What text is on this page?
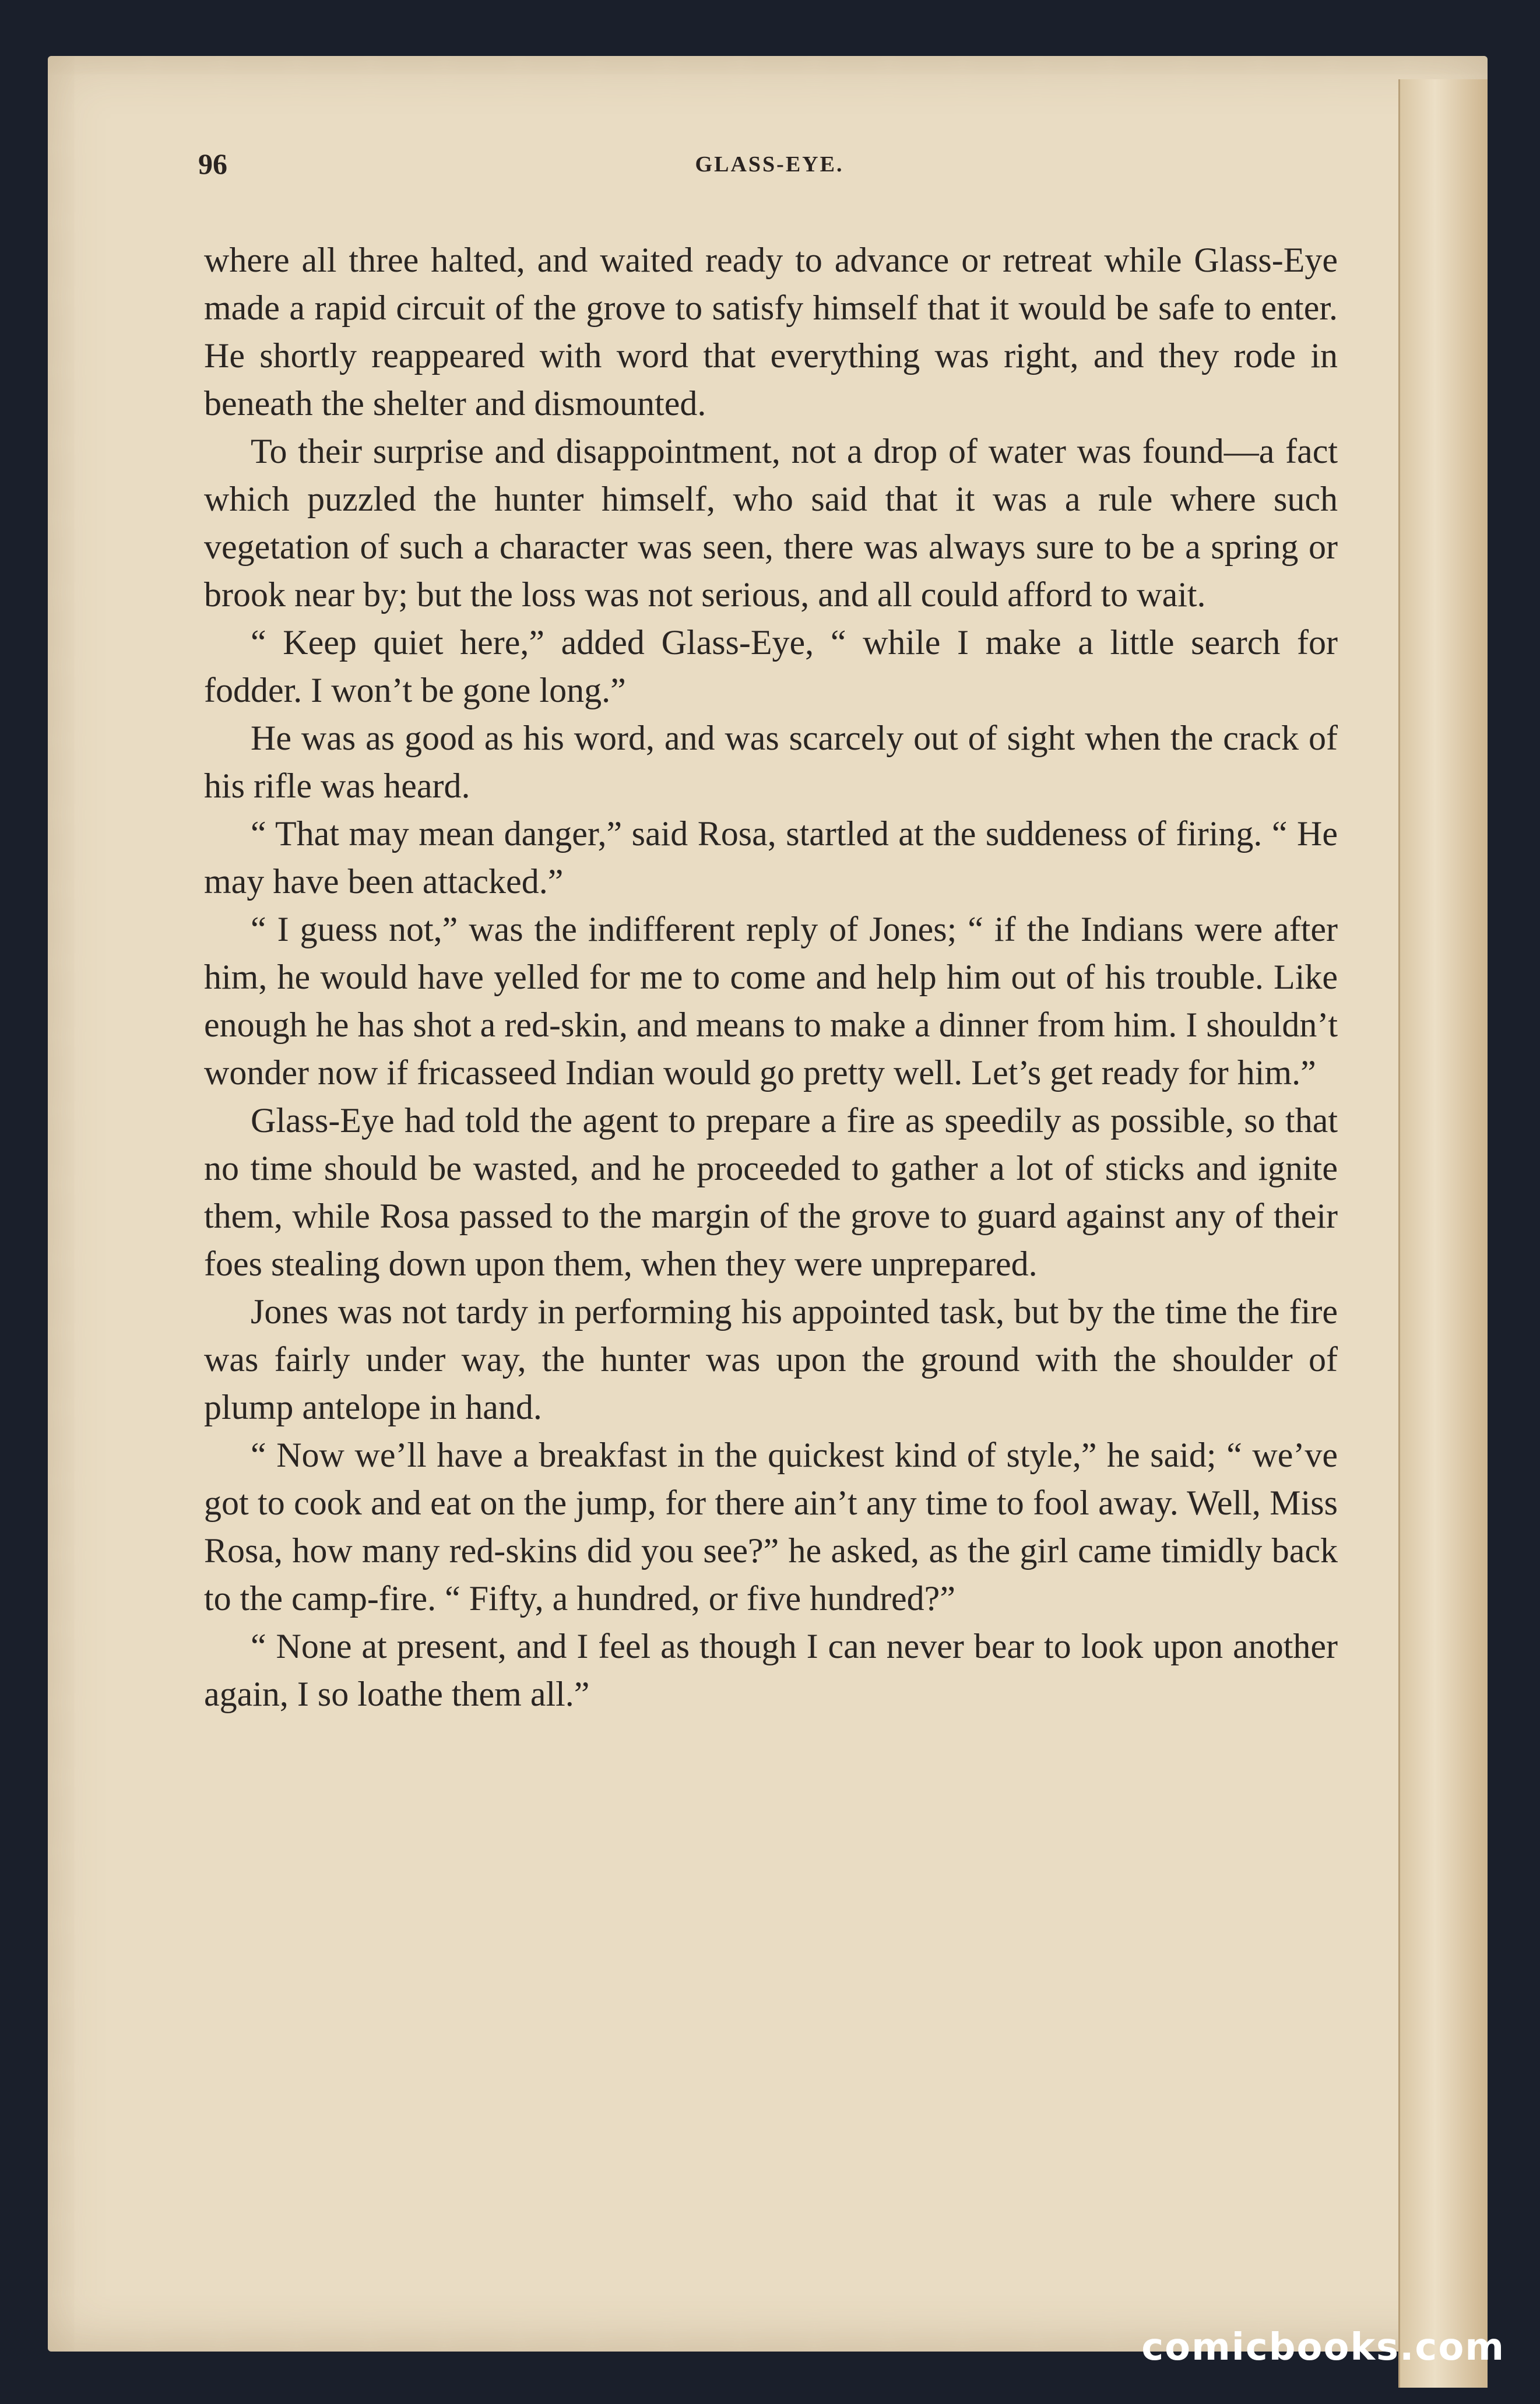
96	GLASS-EYE.

where all three halted, and waited ready to advance or retreat while Glass-Eye made a rapid circuit of the grove to satisfy himself that it would be safe to enter. He shortly reappeared with word that everything was right, and they rode in beneath the shelter and dismounted.

To their surprise and disappointment, not a drop of water was found—a fact which puzzled the hunter himself, who said that it was a rule where such vegetation of such a character was seen, there was always sure to be a spring or brook near by; but the loss was not serious, and all could afford to wait.

“ Keep quiet here,” added Glass-Eye, “ while I make a little search for fodder. I won’t be gone long.”

He was as good as his word, and was scarcely out of sight when the crack of his rifle was heard.

“ That may mean danger,” said Rosa, startled at the suddeness of firing. “ He may have been attacked.”

“ I guess not,” was the indifferent reply of Jones; “ if the Indians were after him, he would have yelled for me to come and help him out of his trouble. Like enough he has shot a red-skin, and means to make a dinner from him. I shouldn’t wonder now if fricasseed Indian would go pretty well. Let’s get ready for him.”

Glass-Eye had told the agent to prepare a fire as speedily as possible, so that no time should be wasted, and he proceeded to gather a lot of sticks and ignite them, while Rosa passed to the margin of the grove to guard against any of their foes stealing down upon them, when they were unprepared.

Jones was not tardy in performing his appointed task, but by the time the fire was fairly under way, the hunter was upon the ground with the shoulder of plump antelope in hand.

“ Now we’ll have a breakfast in the quickest kind of style,” he said; “ we’ve got to cook and eat on the jump, for there ain’t any time to fool away. Well, Miss Rosa, how many red-skins did you see?” he asked, as the girl came timidly back to the camp-fire. “ Fifty, a hundred, or five hundred?”

“ None at present, and I feel as though I can never bear to look upon another again, I so loathe them all.”

comicbooks.com
